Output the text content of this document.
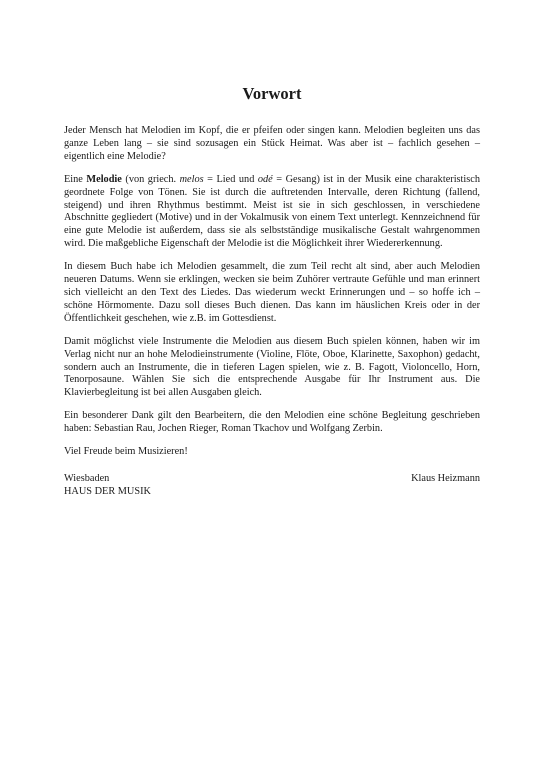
Vorwort

Jeder Mensch hat Melodien im Kopf, die er pfeifen oder singen kann. Melodien begleiten uns das ganze Leben lang – sie sind sozusagen ein Stück Heimat. Was aber ist – fachlich gesehen – eigentlich eine Melodie?

Eine Melodie (von griech. melos = Lied und odé = Gesang) ist in der Musik eine charakteristisch geordnete Folge von Tönen. Sie ist durch die auftretenden Intervalle, deren Richtung (fallend, steigend) und ihren Rhythmus bestimmt. Meist ist sie in sich geschlossen, in verschiedene Abschnitte gegliedert (Motive) und in der Vokalmusik von einem Text unterlegt. Kennzeichnend für eine gute Melodie ist außerdem, dass sie als selbstständige musikalische Gestalt wahrgenommen wird. Die maßgebliche Eigenschaft der Melodie ist die Möglichkeit ihrer Wiedererkennung.

In diesem Buch habe ich Melodien gesammelt, die zum Teil recht alt sind, aber auch Melodien neueren Datums. Wenn sie erklingen, wecken sie beim Zuhörer vertraute Gefühle und man erinnert sich vielleicht an den Text des Liedes. Das wiederum weckt Erinnerungen und – so hoffe ich – schöne Hörmomente. Dazu soll dieses Buch dienen. Das kann im häuslichen Kreis oder in der Öffentlichkeit geschehen, wie z.B. im Gottesdienst.

Damit möglichst viele Instrumente die Melodien aus diesem Buch spielen können, haben wir im Verlag nicht nur an hohe Melodieinstrumente (Violine, Flöte, Oboe, Klarinette, Saxophon) gedacht, sondern auch an Instrumente, die in tieferen Lagen spielen, wie z. B. Fagott, Violoncello, Horn, Tenorposaune. Wählen Sie sich die entsprechende Ausgabe für Ihr Instrument aus. Die Klavierbegleitung ist bei allen Ausgaben gleich.

Ein besonderer Dank gilt den Bearbeitern, die den Melodien eine schöne Begleitung geschrieben haben: Sebastian Rau, Jochen Rieger, Roman Tkachov und Wolfgang Zerbin.

Viel Freude beim Musizieren!

Wiesbaden
HAUS DER MUSIK
Klaus Heizmann
